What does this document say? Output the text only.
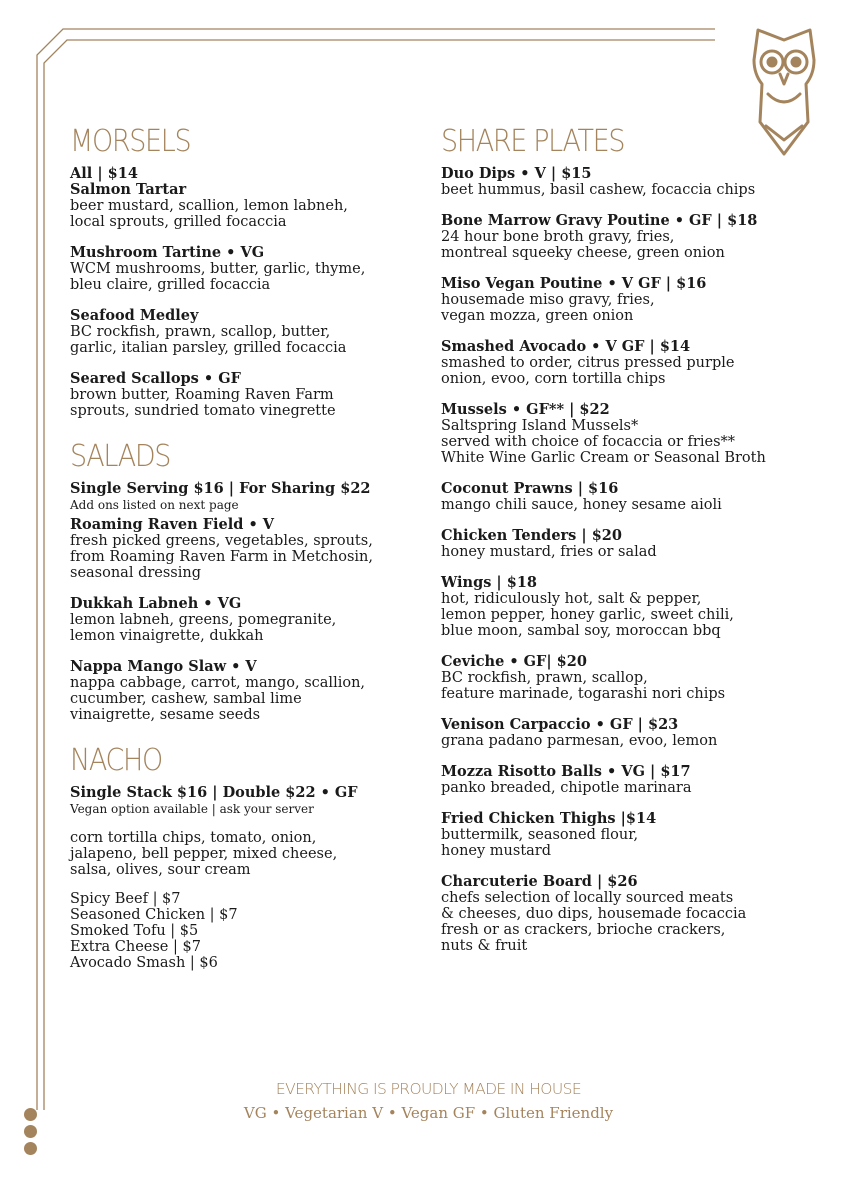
MORSELS

All | $14

Salmon Tartar
beer mustard, scallion, lemon labneh,
local sprouts, grilled focaccia
Mushroom Tartine • VG
WCM mushrooms, butter, garlic, thyme,
bleu claire, grilled focaccia
Seafood Medley
BC rockfish, prawn, scallop, butter,
garlic, italian parsley, grilled focaccia
Seared Scallops • GF
brown butter, Roaming Raven Farm
sprouts, sundried tomato vinegrette
SALADS

Single Serving $16 | For Sharing $22

Add ons listed on next page

Roaming Raven Field • V
fresh picked greens, vegetables, sprouts,
from Roaming Raven Farm in Metchosin,
seasonal dressing
Dukkah Labneh • VG
lemon labneh, greens, pomegranite,
lemon vinaigrette, dukkah
Nappa Mango Slaw • V
nappa cabbage, carrot, mango, scallion,
cucumber, cashew, sambal lime
vinaigrette, sesame seeds
NACHO

Single Stack $16 | Double $22 • GF

Vegan option available | ask your server

corn tortilla chips, tomato, onion,
jalapeno, bell pepper, mixed cheese,
salsa, olives, sour cream

Spicy Beef | $7
Seasoned Chicken | $7
Smoked Tofu | $5
Extra Cheese | $7
Avocado Smash | $6

SHARE PLATES
Duo Dips • V | $15
beet hummus, basil cashew, focaccia chips
Bone Marrow Gravy Poutine • GF | $18
24 hour bone broth gravy, fries,
montreal squeeky cheese, green onion
Miso Vegan Poutine • V GF | $16
housemade miso gravy, fries,
vegan mozza, green onion
Smashed Avocado • V GF | $14
smashed to order, citrus pressed purple
onion, evoo, corn tortilla chips
Mussels • GF** | $22
Saltspring Island Mussels*
served with choice of focaccia or fries**
White Wine Garlic Cream or Seasonal Broth
Coconut Prawns | $16
mango chili sauce, honey sesame aioli
Chicken Tenders | $20
honey mustard, fries or salad
Wings | $18
hot, ridiculously hot, salt & pepper,
lemon pepper, honey garlic, sweet chili,
blue moon, sambal soy, moroccan bbq
Ceviche • GF| $20
BC rockfish, prawn, scallop,
feature marinade, togarashi nori chips
Venison Carpaccio • GF | $23
grana padano parmesan, evoo, lemon
Mozza Risotto Balls • VG | $17
panko breaded, chipotle marinara
Fried Chicken Thighs |$14
buttermilk, seasoned flour,
honey mustard
Charcuterie Board | $26
chefs selection of locally sourced meats
& cheeses, duo dips, housemade focaccia
fresh or as crackers, brioche crackers,
nuts & fruit
EVERYTHING IS PROUDLY MADE IN HOUSE
VG • Vegetarian V • Vegan GF • Gluten Friendly
